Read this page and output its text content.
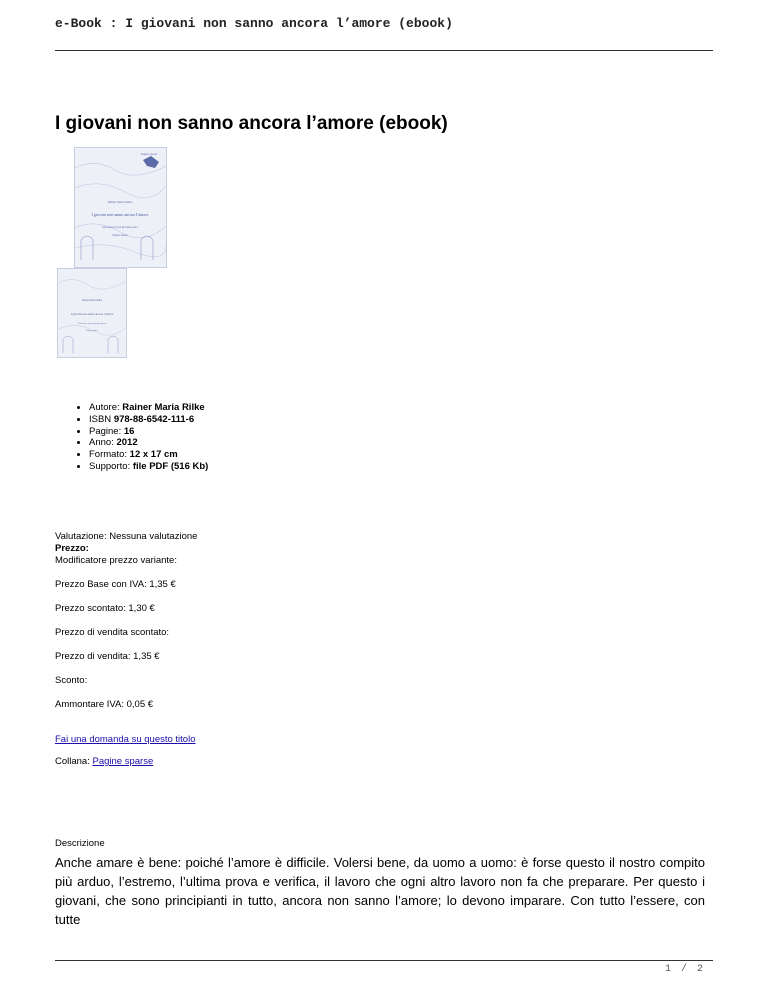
e-Book : I giovani non sanno ancora l’amore (ebook)
I giovani non sanno ancora l’amore (ebook)
Pagine sparse
Rainer Maria Rilke
I giovani non sanno ancora l’amore
Da Lettere ad un giovane poeta
Pagine sparse
Rainer Maria Rilke
I giovani non sanno ancora l’amore
Da Lettere ad un giovane poeta
Pagine sparse
• Autore: Rainer Maria Rilke
• ISBN 978-88-6542-111-6
• Pagine: 16
• Anno: 2012
• Formato: 12 x 17 cm
• Supporto: file PDF (516 Kb)
Valutazione: Nessuna valutazione
Prezzo:
Modificatore prezzo variante:
Prezzo Base con IVA: 1,35 €
Prezzo scontato: 1,30 €
Prezzo di vendita scontato:
Prezzo di vendita: 1,35 €
Sconto:
Ammontare IVA: 0,05 €
Fai una domanda su questo titolo
Collana: Pagine sparse
Descrizione

Anche amare è bene: poiché l’amore è difficile. Volersi bene, da uomo a uomo: è forse questo il nostro compito più arduo, l’estremo, l’ultima prova e verifica, il lavoro che ogni altro lavoro non fa che preparare. Per questo i giovani, che sono principianti in tutto, ancora non sanno l’amore; lo devono imparare. Con tutto l’essere, con tutte

1 / 2
